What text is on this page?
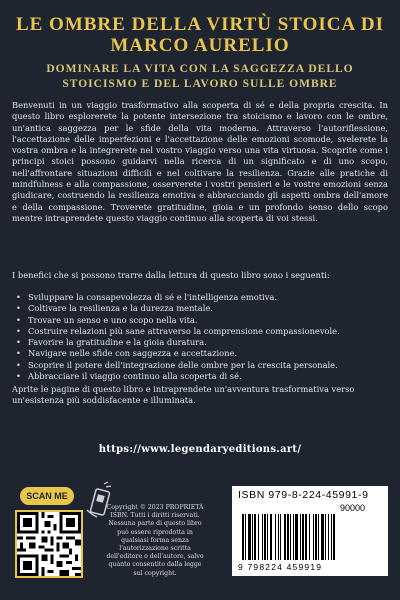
LE OMBRE DELLA VIRTÙ STOICA DI MARCO AURELIO
DOMINARE LA VITA CON LA SAGGEZZA DELLO STOICISMO E DEL LAVORO SULLE OMBRE

Benvenuti in un viaggio trasformativo alla scoperta di sé e della propria crescita. In questo libro esplorerete la potente intersezione tra stoicismo e lavoro con le ombre, un'antica saggezza per le sfide della vita moderna. Attraverso l'autoriflessione, l'accettazione delle imperfezioni e l'accettazione delle emozioni scomode, svelerete la vostra ombra e la integrerete nel vostro viaggio verso una vita virtuosa. Scoprite come i principi stoici possono guidarvi nella ricerca di un significato e di uno scopo, nell'affrontare situazioni difficili e nel coltivare la resilienza. Grazie alle pratiche di mindfulness e alla compassione, osserverete i vostri pensieri e le vostre emozioni senza giudicare, costruendo la resilienza emotiva e abbracciando gli aspetti ombra dell'amore e della compassione. Troverete gratitudine, gioia e un profondo senso dello scopo mentre intraprendete questo viaggio continuo alla scoperta di voi stessi.

I benefici che si possono trarre dalla lettura di questo libro sono i seguenti:

• Sviluppare la consapevolezza di sé e l'intelligenza emotiva.
• Coltivare la resilienza e la durezza mentale.
• Trovare un senso e uno scopo nella vita.
• Costruire relazioni più sane attraverso la comprensione compassionevole.
• Favorire la gratitudine e la gioia duratura.
• Navigare nelle sfide con saggezza e accettazione.
• Scoprire il potere dell'integrazione delle ombre per la crescita personale.
• Abbracciare il viaggio continuo alla scoperta di sé.

Aprite le pagine di questo libro e intraprendete un'avventura trasformativa verso un'esistenza più soddisfacente e illuminata.

https://www.legendaryeditions.art/
SCAN ME

Copyright © 2023 PROPRIETÀ ISBN. Tutti i diritti riservati. Nessuna parte di questo libro può essere riprodotta in qualsiasi forma senza l'autorizzazione scritta dell'editore o dell'autore, salvo quanto consentito dalla legge sul copyright.

ISBN 979-8-224-45991-9
90000
9 798224 459919
